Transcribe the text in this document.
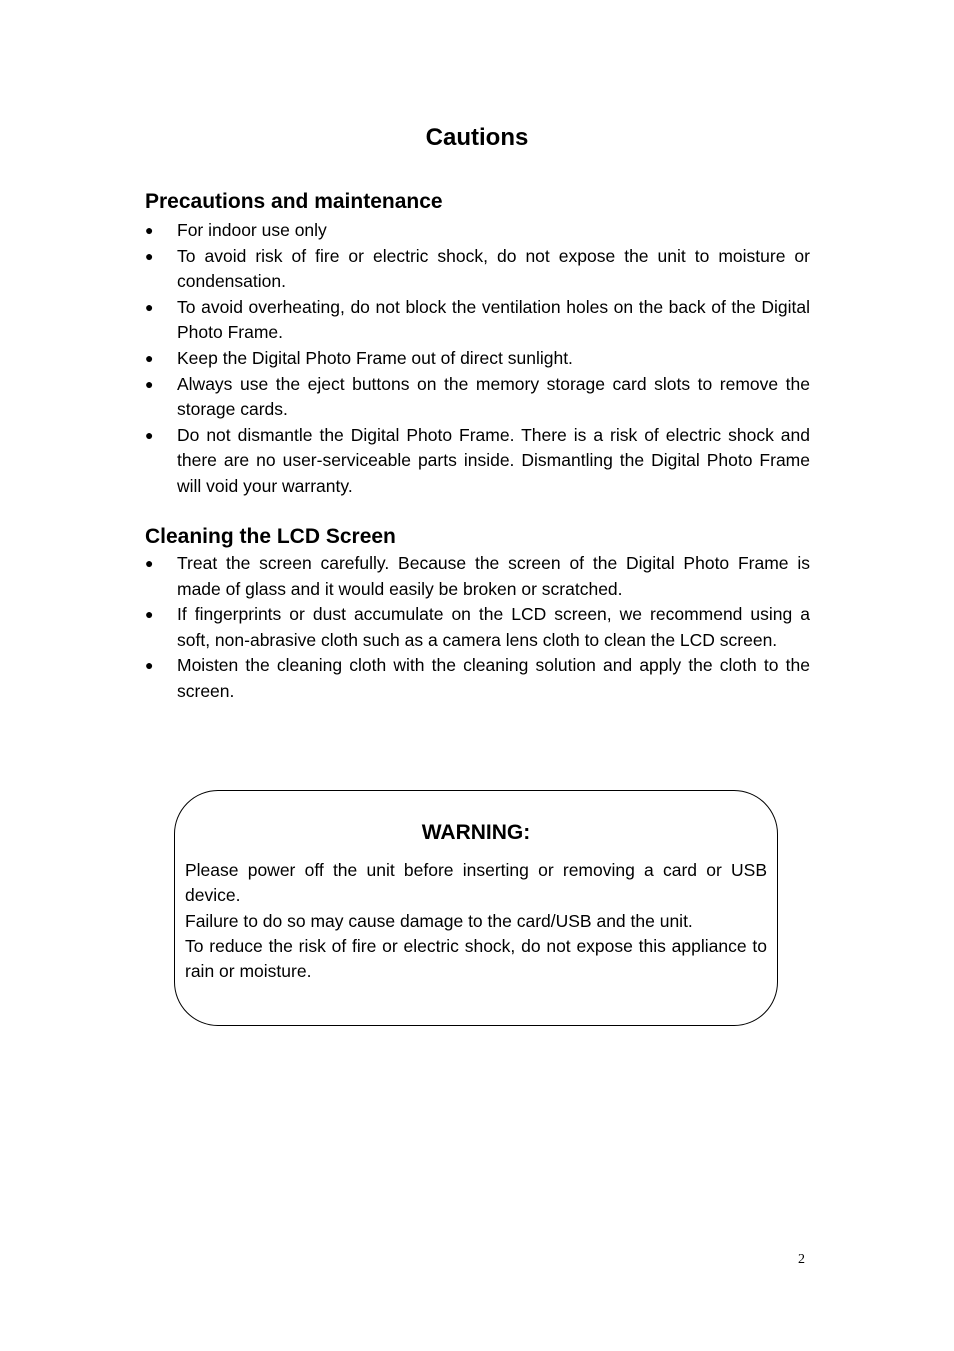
Cautions
Precautions and maintenance
● For indoor use only
● To avoid risk of fire or electric shock, do not expose the unit to moisture or condensation.
● To avoid overheating, do not block the ventilation holes on the back of the Digital Photo Frame.
● Keep the Digital Photo Frame out of direct sunlight.
● Always use the eject buttons on the memory storage card slots to remove the storage cards.
● Do not dismantle the Digital Photo Frame. There is a risk of electric shock and there are no user-serviceable parts inside. Dismantling the Digital Photo Frame will void your warranty.
Cleaning the LCD Screen
● Treat the screen carefully. Because the screen of the Digital Photo Frame is made of glass and it would easily be broken or scratched.
● If fingerprints or dust accumulate on the LCD screen, we recommend using a soft, non-abrasive cloth such as a camera lens cloth to clean the LCD screen.
● Moisten the cleaning cloth with the cleaning solution and apply the cloth to the screen.
WARNING:

Please power off the unit before inserting or removing a card or USB device.

Failure to do so may cause damage to the card/USB and the unit.

To reduce the risk of fire or electric shock, do not expose this appliance to rain or moisture.

2
